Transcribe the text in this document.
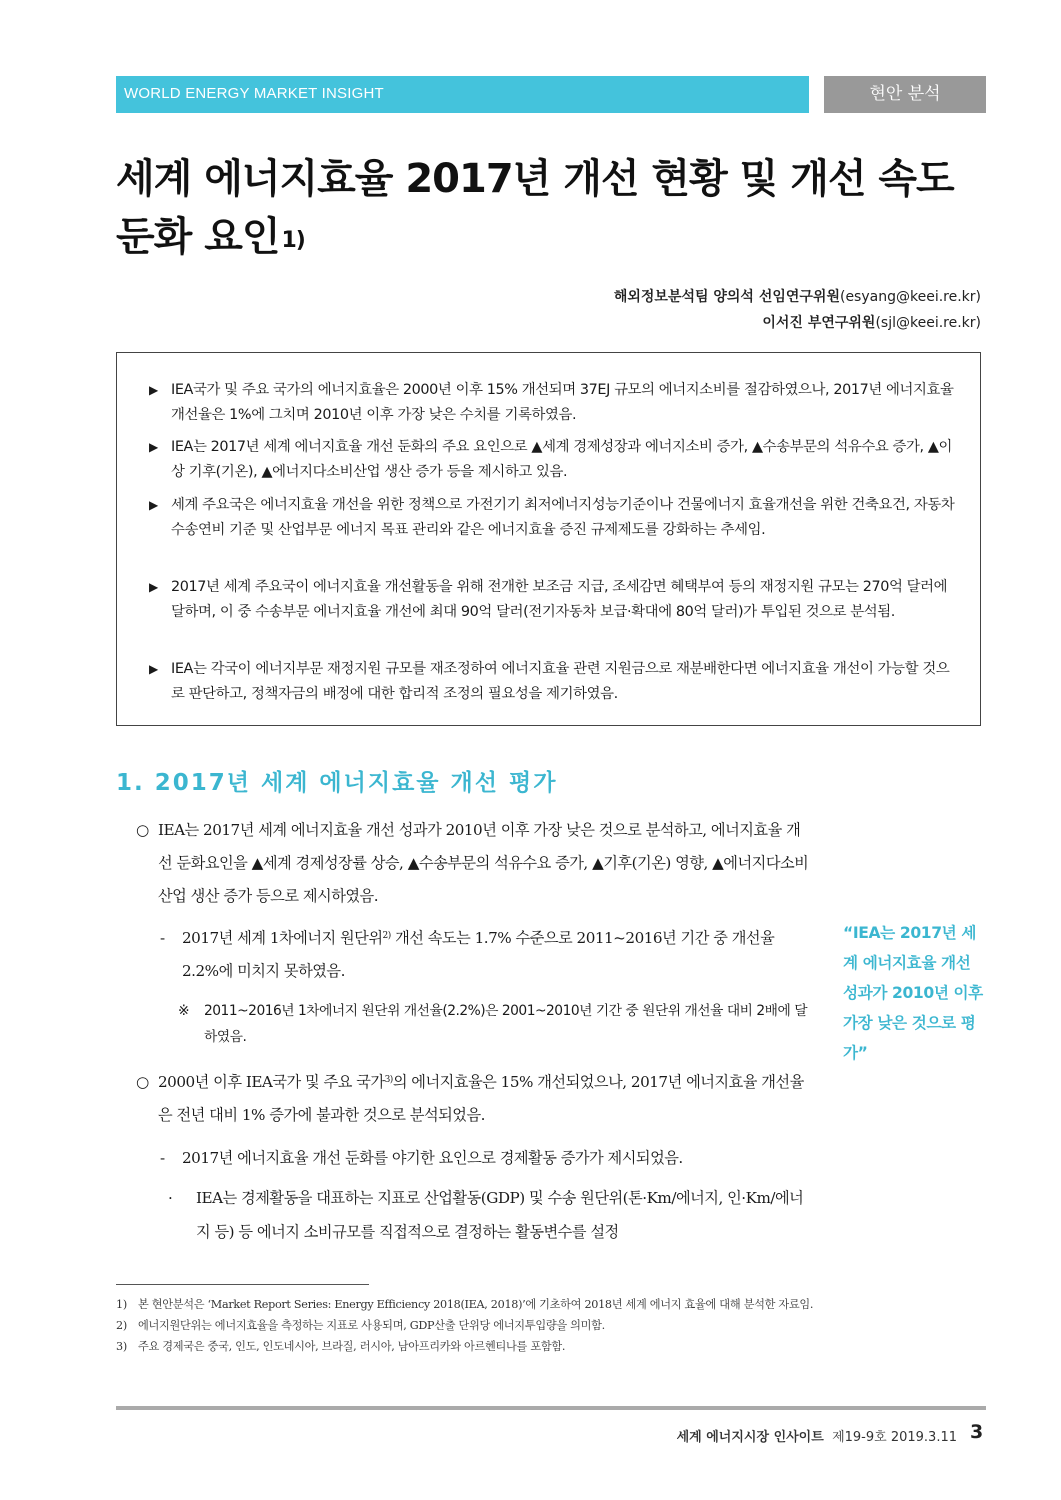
WORLD ENERGY MARKET INSIGHT	현안 분석
세계 에너지효율 2017년 개선 현황 및 개선 속도
둔화 요인$^{1)}$
해외정보분석팀 양의석 선임연구위원(esyang@keei.re.kr)
이서진 부연구위원(sjl@keei.re.kr)
▶ IEA국가 및 주요 국가의 에너지효율은 2000년 이후 15% 개선되며 37EJ 규모의 에너지소비를 절감하였으나, 2017년 에너지효율 개선율은 1%에 그치며 2010년 이후 가장 낮은 수치를 기록하였음.
▶ IEA는 2017년 세계 에너지효율 개선 둔화의 주요 요인으로 ▲세계 경제성장과 에너지소비 증가, ▲수송부문의 석유수요 증가, ▲이상 기후(기온), ▲에너지다소비산업 생산 증가 등을 제시하고 있음.
▶ 세계 주요국은 에너지효율 개선을 위한 정책으로 가전기기 최저에너지성능기준이나 건물에너지 효율개선을 위한 건축요건, 자동차 수송연비 기준 및 산업부문 에너지 목표 관리와 같은 에너지효율 증진 규제제도를 강화하는 추세임.
▶ 2017년 세계 주요국이 에너지효율 개선활동을 위해 전개한 보조금 지급, 조세감면 혜택부여 등의 재정지원 규모는 270억 달러에 달하며, 이 중 수송부문 에너지효율 개선에 최대 90억 달러(전기자동차 보급·확대에 80억 달러)가 투입된 것으로 분석됨.
▶ IEA는 각국이 에너지부문 재정지원 규모를 재조정하여 에너지효율 관련 지원금으로 재분배한다면 에너지효율 개선이 가능할 것으로 판단하고, 정책자금의 배정에 대한 합리적 조정의 필요성을 제기하였음.
1. 2017년 세계 에너지효율 개선 평가
○ IEA는 2017년 세계 에너지효율 개선 성과가 2010년 이후 가장 낮은 것으로 분석하고, 에너지효율 개선 둔화요인을 ▲세계 경제성장률 상승, ▲수송부문의 석유수요 증가, ▲기후(기온) 영향, ▲에너지다소비산업 생산 증가 등으로 제시하였음.
- 2017년 세계 1차에너지 원단위$^{2)}$ 개선 속도는 1.7% 수준으로 2011~2016년 기간 중 개선율 2.2%에 미치지 못하였음.
※ 2011~2016년 1차에너지 원단위 개선율(2.2%)은 2001~2010년 기간 중 원단위 개선율 대비 2배에 달하였음.
○ 2000년 이후 IEA국가 및 주요 국가$^{3)}$의 에너지효율은 15% 개선되었으나, 2017년 에너지효율 개선율은 전년 대비 1% 증가에 불과한 것으로 분석되었음.
- 2017년 에너지효율 개선 둔화를 야기한 요인으로 경제활동 증가가 제시되었음.
· IEA는 경제활동을 대표하는 지표로 산업활동(GDP) 및 수송 원단위(톤·Km/에너지, 인·Km/에너지 등) 등 에너지 소비규모를 직접적으로 결정하는 활동변수를 설정
“IEA는 2017년 세계 에너지효율 개선 성과가 2010년 이후 가장 낮은 것으로 평가”
1) 본 현안분석은 ‘Market Report Series: Energy Efficiency 2018(IEA, 2018)’에 기초하여 2018년 세계 에너지 효율에 대해 분석한 자료임.
2) 에너지원단위는 에너지효율을 측정하는 지표로 사용되며, GDP산출 단위당 에너지투입량을 의미함.
3) 주요 경제국은 중국, 인도, 인도네시아, 브라질, 러시아, 남아프리카와 아르헨티나를 포함함.
세계 에너지시장 인사이트 제19-9호 2019.3.11 3
